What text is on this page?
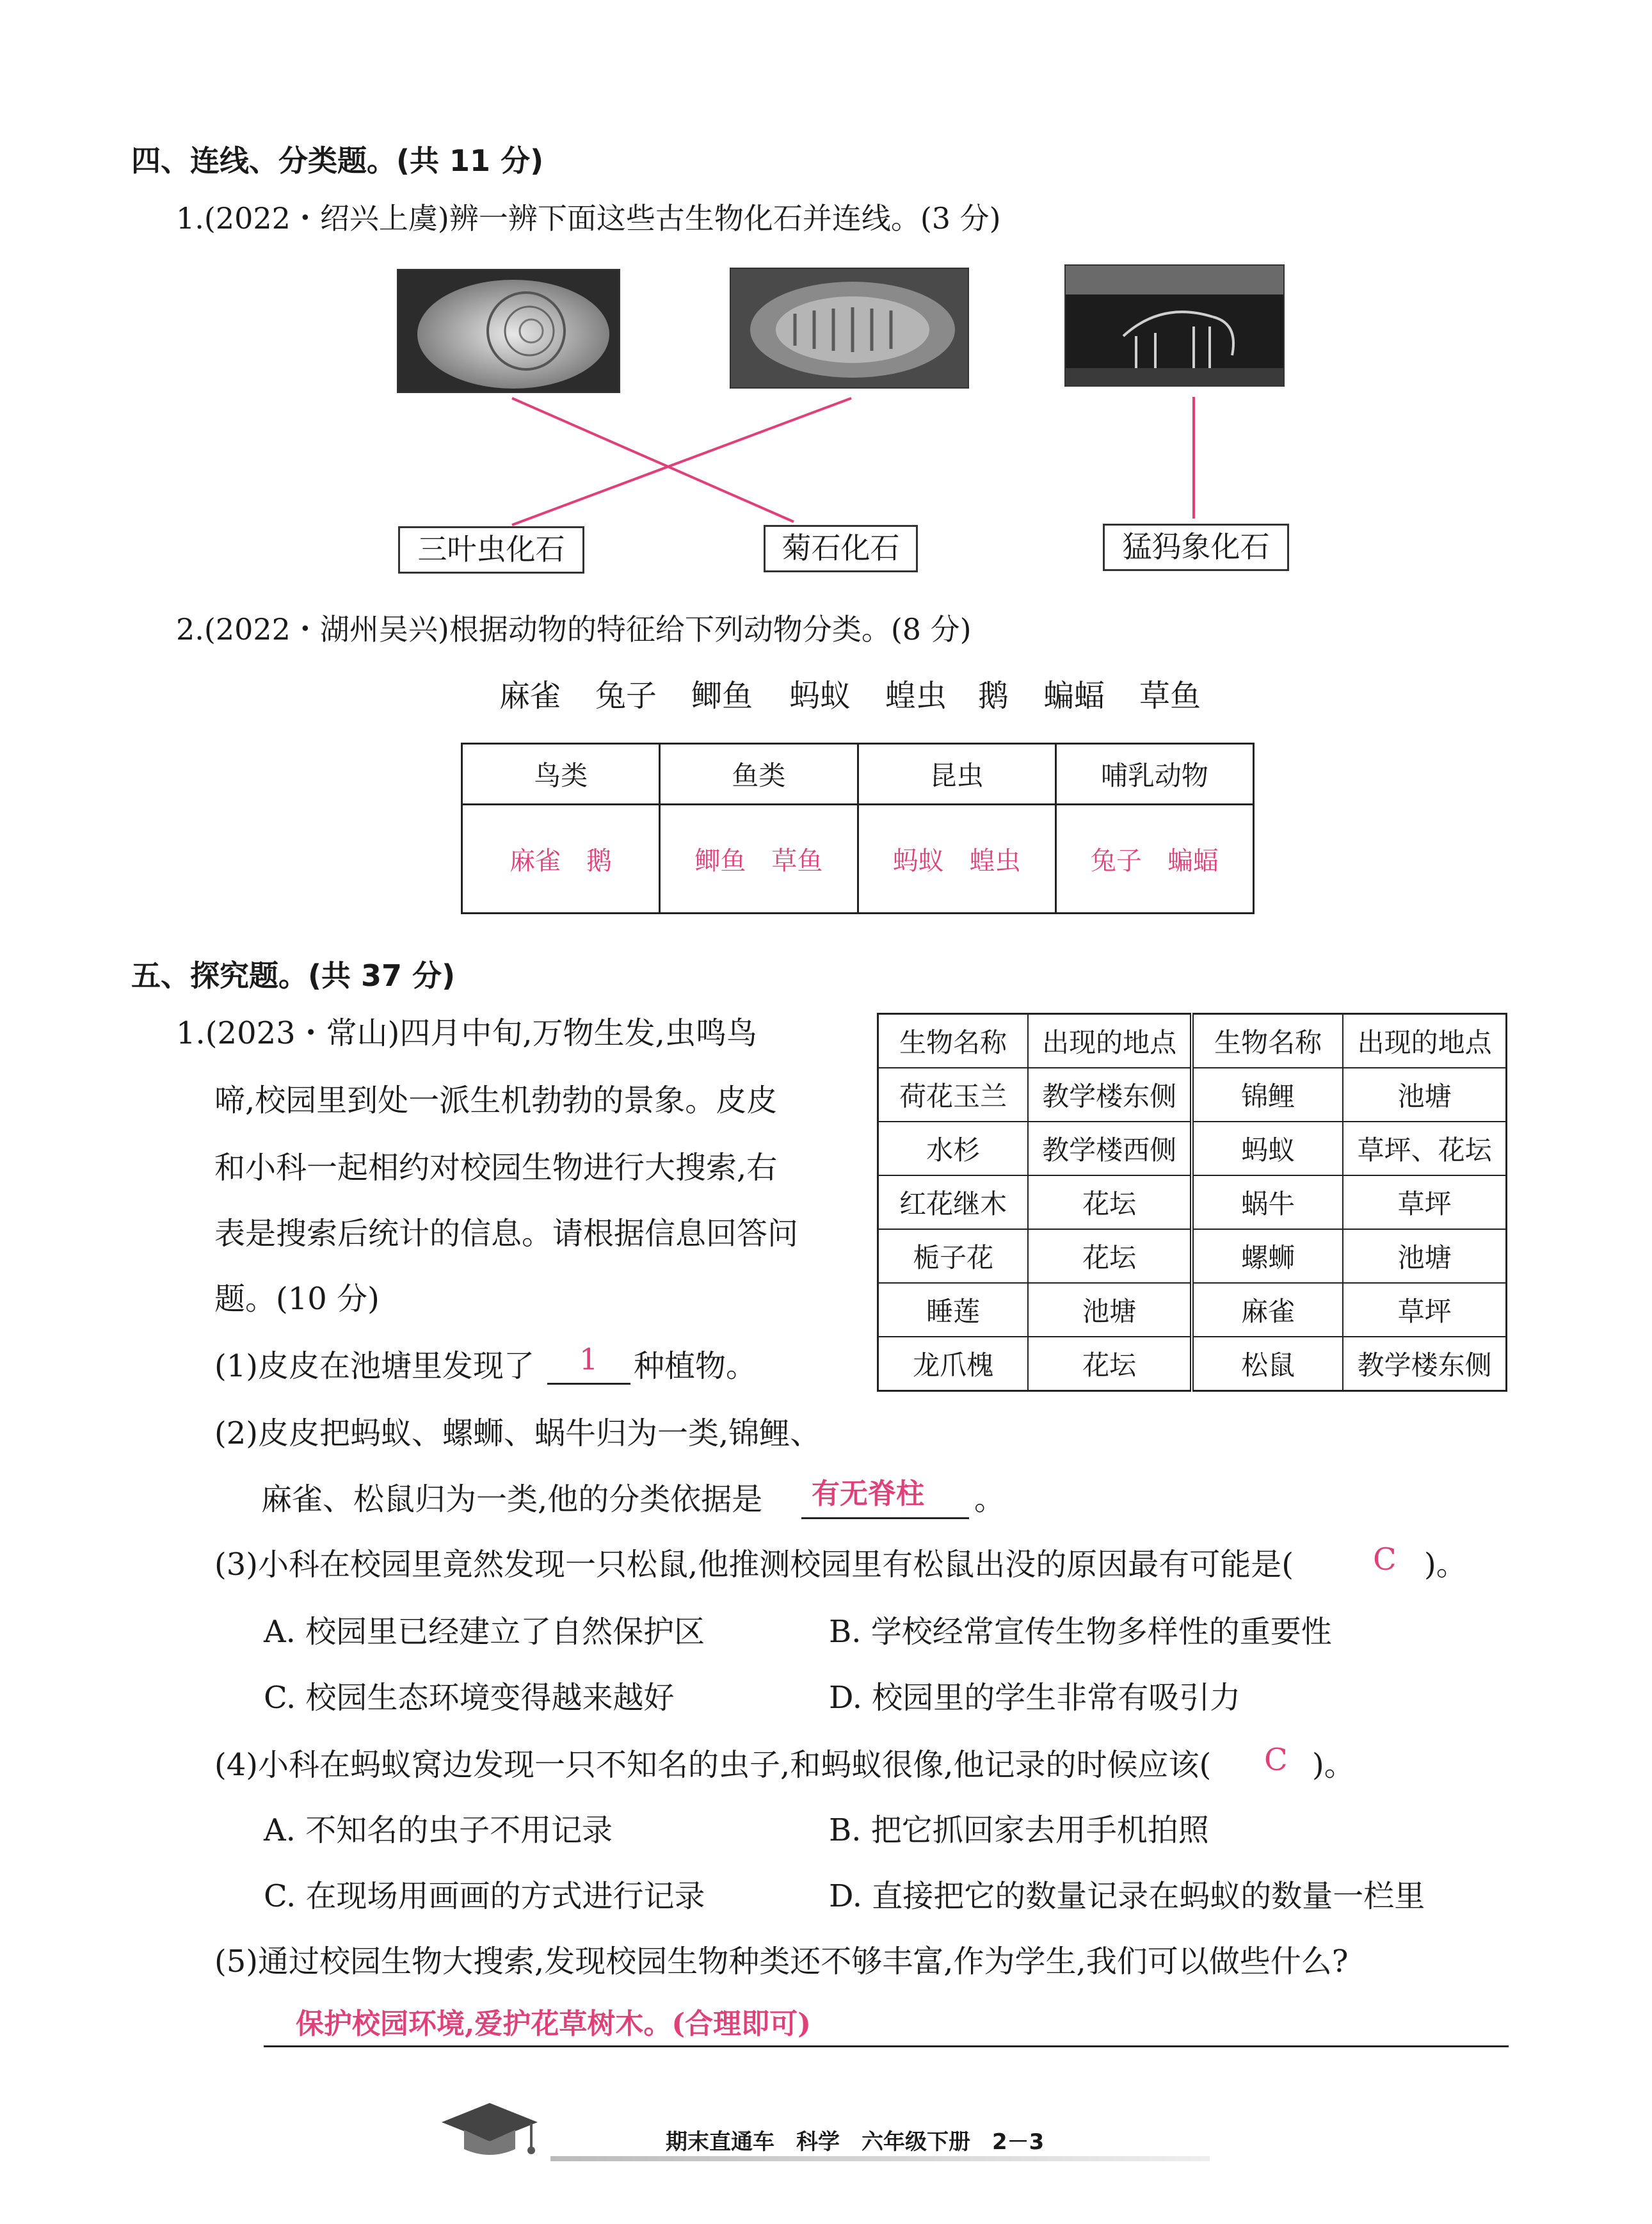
四、连线、分类题。(共 11 分)
1.(2022・绍兴上虞)辨一辨下面这些古生物化石并连线。(3 分)
三叶虫化石	菊石化石	猛犸象化石
2.(2022・湖州吴兴)根据动物的特征给下列动物分类。(8 分)
麻雀	兔子	鲫鱼	蚂蚁	蝗虫	鹅	蝙蝠	草鱼
鸟类	鱼类	昆虫	哺乳动物
麻雀　鹅	鲫鱼　草鱼	蚂蚁　蝗虫	兔子　蝙蝠
五、探究题。(共 37 分)
1.(2023・常山)四月中旬,万物生发,虫鸣鸟
啼,校园里到处一派生机勃勃的景象。皮皮
和小科一起相约对校园生物进行大搜索,右
表是搜索后统计的信息。请根据信息回答问
题。(10 分)
生物名称	出现的地点	生物名称	出现的地点
荷花玉兰	教学楼东侧	锦鲤	池塘
水杉	教学楼西侧	蚂蚁	草坪、花坛
红花继木	花坛	蜗牛	草坪
栀子花	花坛	螺蛳	池塘
睡莲	池塘	麻雀	草坪
龙爪槐	花坛	松鼠	教学楼东侧
(1)皮皮在池塘里发现了 1 种植物。
(2)皮皮把蚂蚁、螺蛳、蜗牛归为一类,锦鲤、
麻雀、松鼠归为一类,他的分类依据是 有无脊柱 。
(3)小科在校园里竟然发现一只松鼠,他推测校园里有松鼠出没的原因最有可能是(	C )。
A. 校园里已经建立了自然保护区	B. 学校经常宣传生物多样性的重要性
C. 校园生态环境变得越来越好	D. 校园里的学生非常有吸引力
(4)小科在蚂蚁窝边发现一只不知名的虫子,和蚂蚁很像,他记录的时候应该( C )。
A. 不知名的虫子不用记录	B. 把它抓回家去用手机拍照
C. 在现场用画画的方式进行记录	D. 直接把它的数量记录在蚂蚁的数量一栏里
(5)通过校园生物大搜索,发现校园生物种类还不够丰富,作为学生,我们可以做些什么?
保护校园环境,爱护花草树木。(合理即可)
期末直通车　科学　六年级下册　2－3
